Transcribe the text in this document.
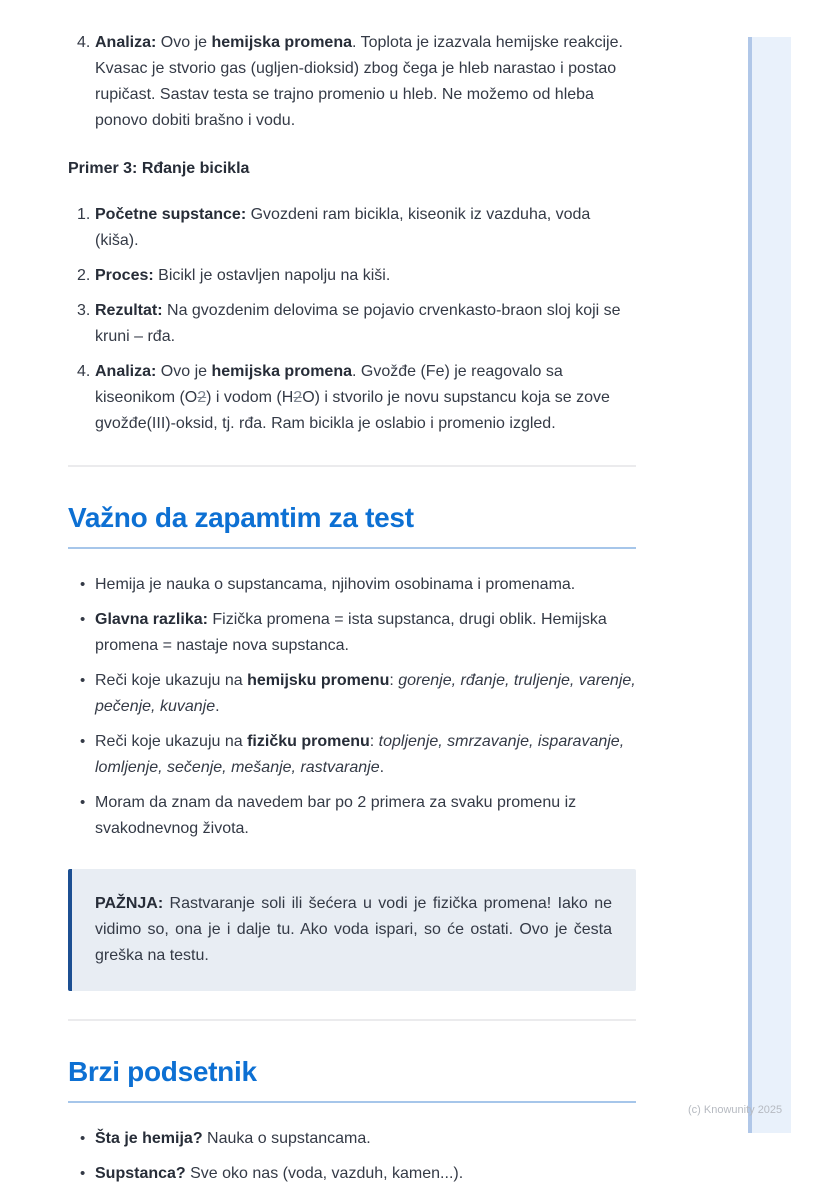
4. Analiza: Ovo je hemijska promena. Toplota je izazvala hemijske reakcije. Kvasac je stvorio gas (ugljen-dioksid) zbog čega je hleb narastao i postao rupičast. Sastav testa se trajno promenio u hleb. Ne možemo od hleba ponovo dobiti brašno i vodu.

Primer 3: Rđanje bicikla

1. Početne supstance: Gvozdeni ram bicikla, kiseonik iz vazduha, voda (kiša).
2. Proces: Bicikl je ostavljen napolju na kiši.
3. Rezultat: Na gvozdenim delovima se pojavio crvenkasto-braon sloj koji se kruni – rđa.
4. Analiza: Ovo je hemijska promena. Gvožđe (Fe) je reagovalo sa kiseonikom (O2) i vodom (H2O) i stvorilo je novu supstancu koja se zove gvožđe(III)-oksid, tj. rđa. Ram bicikla je oslabio i promenio izgled.
Važno da zapamtim za test
• Hemija je nauka o supstancama, njihovim osobinama i promenama.
• Glavna razlika: Fizička promena = ista supstanca, drugi oblik. Hemijska promena = nastaje nova supstanca.
• Reči koje ukazuju na hemijsku promenu: gorenje, rđanje, truljenje, varenje, pečenje, kuvanje.
• Reči koje ukazuju na fizičku promenu: topljenje, smrzavanje, isparavanje, lomljenje, sečenje, mešanje, rastvaranje.
• Moram da znam da navedem bar po 2 primera za svaku promenu iz svakodnevnog života.
PAŽNJA: Rastvaranje soli ili šećera u vodi je fizička promena! Iako ne vidimo so, ona je i dalje tu. Ako voda ispari, so će ostati. Ovo je česta greška na testu.
Brzi podsetnik
• Šta je hemija? Nauka o supstancama.
• Supstanca? Sve oko nas (voda, vazduh, kamen...).
(c) Knowunity 2025
